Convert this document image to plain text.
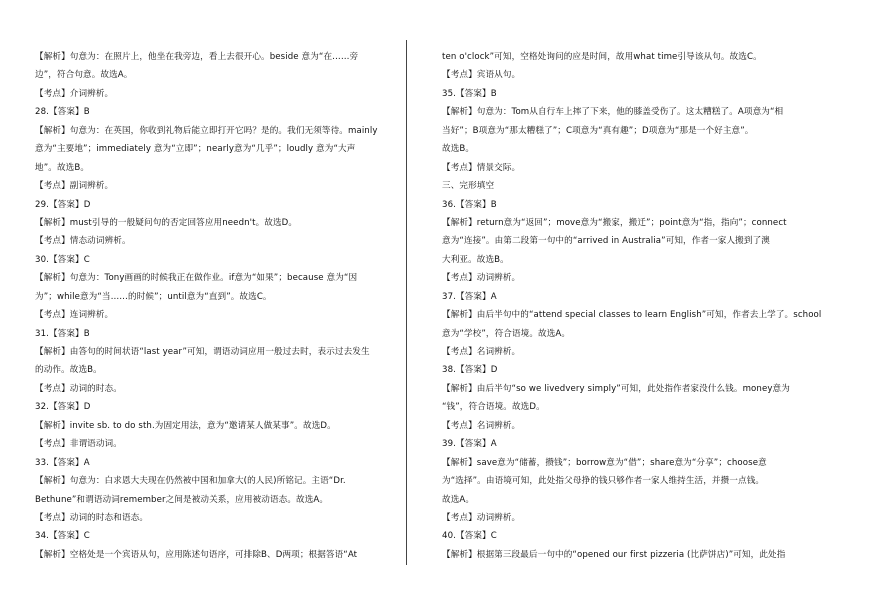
【解析】句意为：在照片上，他坐在我旁边，看上去很开心。beside 意为“在……旁
边”，符合句意。故选A。
【考点】介词辨析。
28.【答案】B
【解析】句意为：在英国，你收到礼物后能立即打开它吗？是的。我们无须等待。mainly
意为“主要地”；immediately 意为“立即”；nearly意为“几乎”；loudly 意为“大声
地”。故选B。
【考点】副词辨析。
29.【答案】D
【解析】must引导的一般疑问句的否定回答应用needn't。故选D。
【考点】情态动词辨析。
30.【答案】C
【解析】句意为：Tony画画的时候我正在做作业。if意为“如果”；because 意为“因
为”；while意为“当……的时候”；until意为“直到”。故选C。
【考点】连词辨析。
31.【答案】B
【解析】由答句的时间状语“last year”可知，谓语动词应用一般过去时，表示过去发生
的动作。故选B。
【考点】动词的时态。
32.【答案】D
【解析】invite sb. to do sth.为固定用法，意为“邀请某人做某事”。故选D。
【考点】非谓语动词。
33.【答案】A
【解析】句意为：白求恩大夫现在仍然被中国和加拿大(的人民)所铭记。主语“Dr.
Bethune”和谓语动词remember之间是被动关系，应用被动语态。故选A。
【考点】动词的时态和语态。
34.【答案】C
【解析】空格处是一个宾语从句，应用陈述句语序，可排除B、D两项；根据答语“At
ten o'clock”可知，空格处询问的应是时间，故用what time引导该从句。故选C。
【考点】宾语从句。
35.【答案】B
【解析】句意为：Tom从自行车上摔了下来，他的膝盖受伤了。这太糟糕了。A项意为“相
当好”；B项意为“那太糟糕了”；C项意为“真有趣”；D项意为“那是一个好主意”。
故选B。
【考点】情景交际。
三、完形填空
36.【答案】B
【解析】return意为“返回”；move意为“搬家，搬迁”；point意为“指，指向”；connect
意为“连接”。由第二段第一句中的“arrived in Australia”可知，作者一家人搬到了澳
大利亚。故选B。
【考点】动词辨析。
37.【答案】A
【解析】由后半句中的“attend special classes to learn English”可知，作者去上学了。school
意为“学校”，符合语境。故选A。
【考点】名词辨析。
38.【答案】D
【解析】由后半句“so we livedvery simply”可知，此处指作者家没什么钱。money意为
“钱”，符合语境。故选D。
【考点】名词辨析。
39.【答案】A
【解析】save意为“储蓄，攒钱”；borrow意为“借”；share意为“分享”；choose意
为“选择”。由语境可知，此处指父母挣的钱只够作者一家人维持生活，并攒一点钱。
故选A。
【考点】动词辨析。
40.【答案】C
【解析】根据第三段最后一句中的“opened our first pizzeria (比萨饼店)”可知，此处指
